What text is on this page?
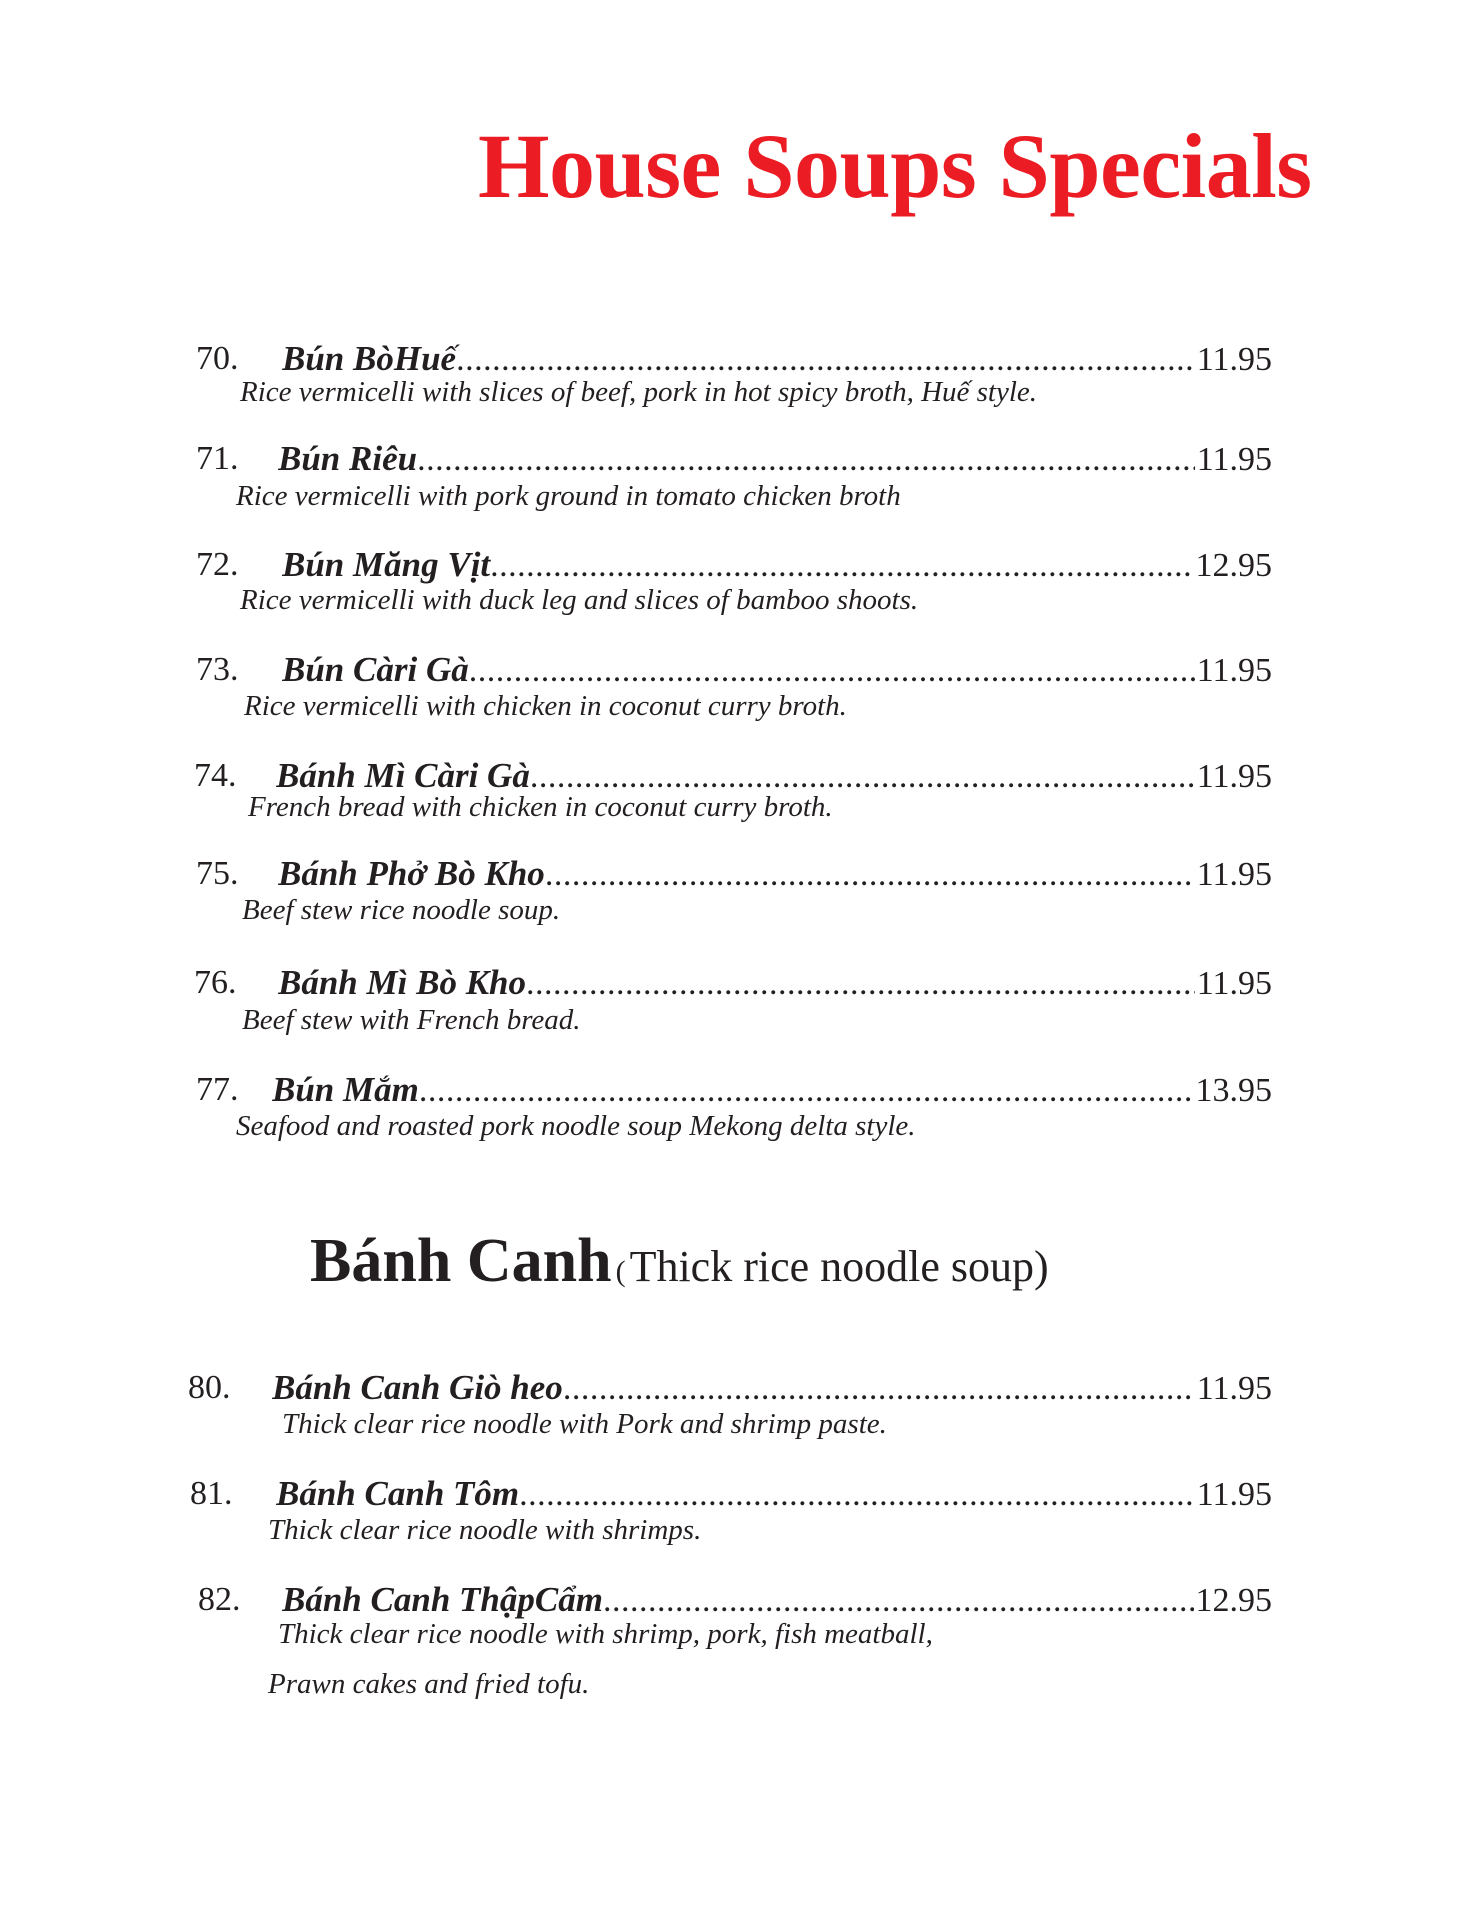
House Soups Specials
70. Bún BòHuế .....	11.95
Rice vermicelli with slices of beef, pork in hot spicy broth, Huế style.
71. Bún Riêu .....	11.95
Rice vermicelli with pork ground in tomato chicken broth
72. Bún Măng Vịt .....	12.95
Rice vermicelli with duck leg and slices of bamboo shoots.
73. Bún Càri Gà .....	11.95
Rice vermicelli with chicken in coconut curry broth.
74. Bánh Mì Càri Gà .....	11.95
French bread with chicken in coconut curry broth.
75. Bánh Phở Bò Kho .....	11.95
Beef stew rice noodle soup.
76. Bánh Mì Bò Kho .....	11.95
Beef stew with French bread.
77. Bún Mắm .....	13.95
Seafood and roasted pork noodle soup Mekong delta style.
80. Bánh Canh Giò heo .....	11.95
Thick clear rice noodle with Pork and shrimp paste.
81. Bánh Canh Tôm .....	11.95
Thick clear rice noodle with shrimps.
82. Bánh Canh ThậpCẩm .....	12.95
Thick clear rice noodle with shrimp, pork, fish meatball,
Prawn cakes and fried tofu.
Bánh Canh ( Thick rice noodle soup)
